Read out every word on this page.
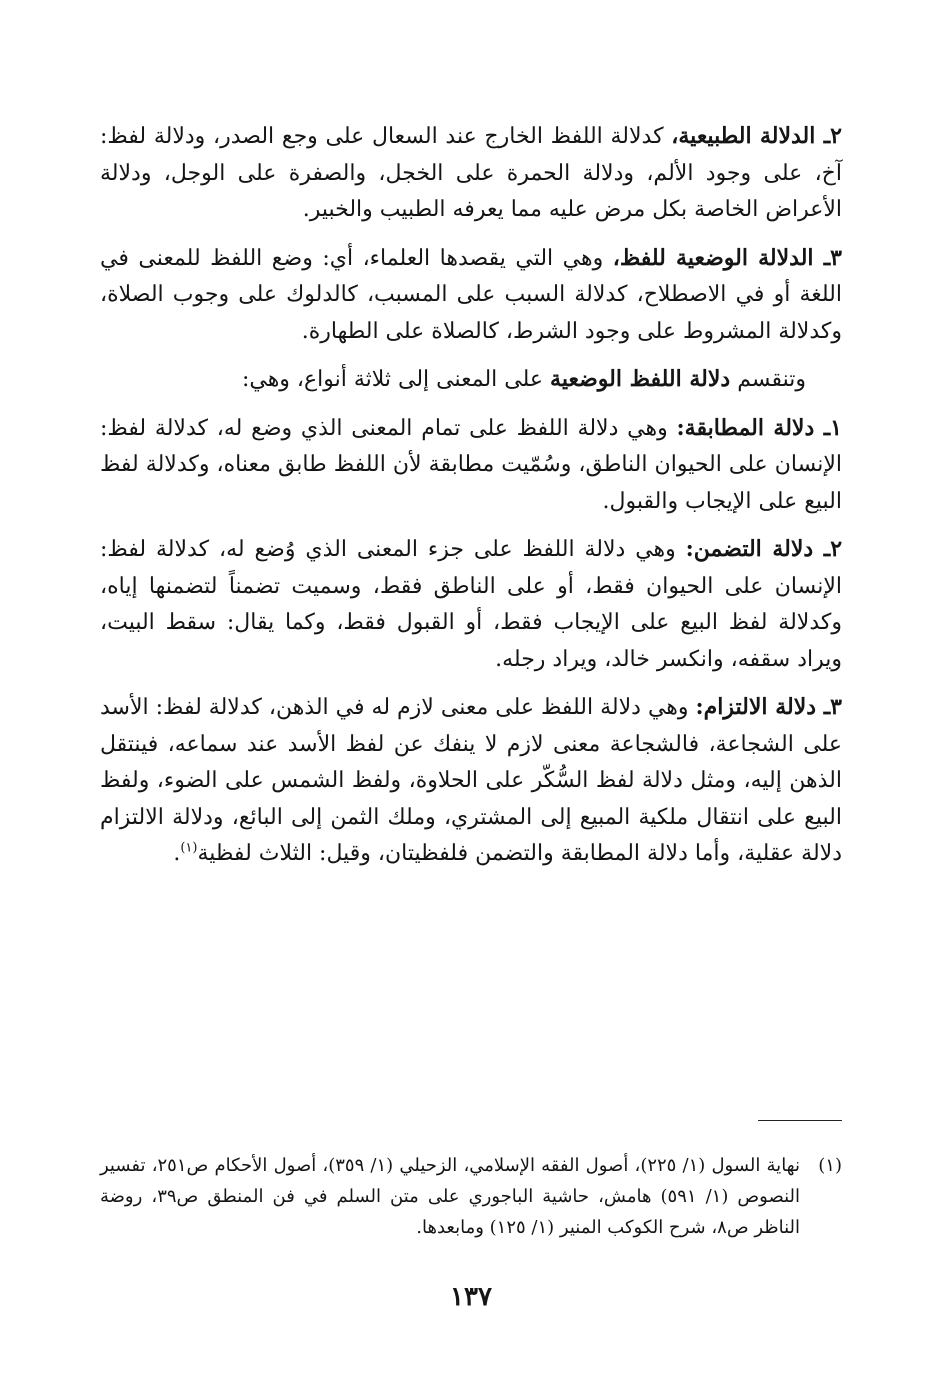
٢ـ الدلالة الطبيعية، كدلالة اللفظ الخارج عند السعال على وجع الصدر، ودلالة لفظ: آخ، على وجود الألم، ودلالة الحمرة على الخجل، والصفرة على الوجل، ودلالة الأعراض الخاصة بكل مرض عليه مما يعرفه الطبيب والخبير.

٣ـ الدلالة الوضعية للفظ، وهي التي يقصدها العلماء، أي: وضع اللفظ للمعنى في اللغة أو في الاصطلاح، كدلالة السبب على المسبب، كالدلوك على وجوب الصلاة، وكدلالة المشروط على وجود الشرط، كالصلاة على الطهارة.

وتنقسم دلالة اللفظ الوضعية على المعنى إلى ثلاثة أنواع، وهي:

١ـ دلالة المطابقة: وهي دلالة اللفظ على تمام المعنى الذي وضع له، كدلالة لفظ: الإنسان على الحيوان الناطق، وسُمّيت مطابقة لأن اللفظ طابق معناه، وكدلالة لفظ البيع على الإيجاب والقبول.

٢ـ دلالة التضمن: وهي دلالة اللفظ على جزء المعنى الذي وُضع له، كدلالة لفظ: الإنسان على الحيوان فقط، أو على الناطق فقط، وسميت تضمناً لتضمنها إياه، وكدلالة لفظ البيع على الإيجاب فقط، أو القبول فقط، وكما يقال: سقط البيت، ويراد سقفه، وانكسر خالد، ويراد رجله.

٣ـ دلالة الالتزام: وهي دلالة اللفظ على معنى لازم له في الذهن، كدلالة لفظ: الأسد على الشجاعة، فالشجاعة معنى لازم لا ينفك عن لفظ الأسد عند سماعه، فينتقل الذهن إليه، ومثل دلالة لفظ السُّكّر على الحلاوة، ولفظ الشمس على الضوء، ولفظ البيع على انتقال ملكية المبيع إلى المشتري، وملك الثمن إلى البائع، ودلالة الالتزام دلالة عقلية، وأما دلالة المطابقة والتضمن فلفظيتان، وقيل: الثلاث لفظية$^{(١)}$.

(١)
نهاية السول (١/ ٢٢٥)، أصول الفقه الإسلامي، الزحيلي (١/ ٣٥٩)، أصول الأحكام ص٢٥١، تفسير النصوص (١/ ٥٩١) هامش، حاشية الباجوري على متن السلم في فن المنطق ص٣٩، روضة الناظر ص٨، شرح الكوكب المنير (١/ ١٢٥) ومابعدها.
١٣٧
